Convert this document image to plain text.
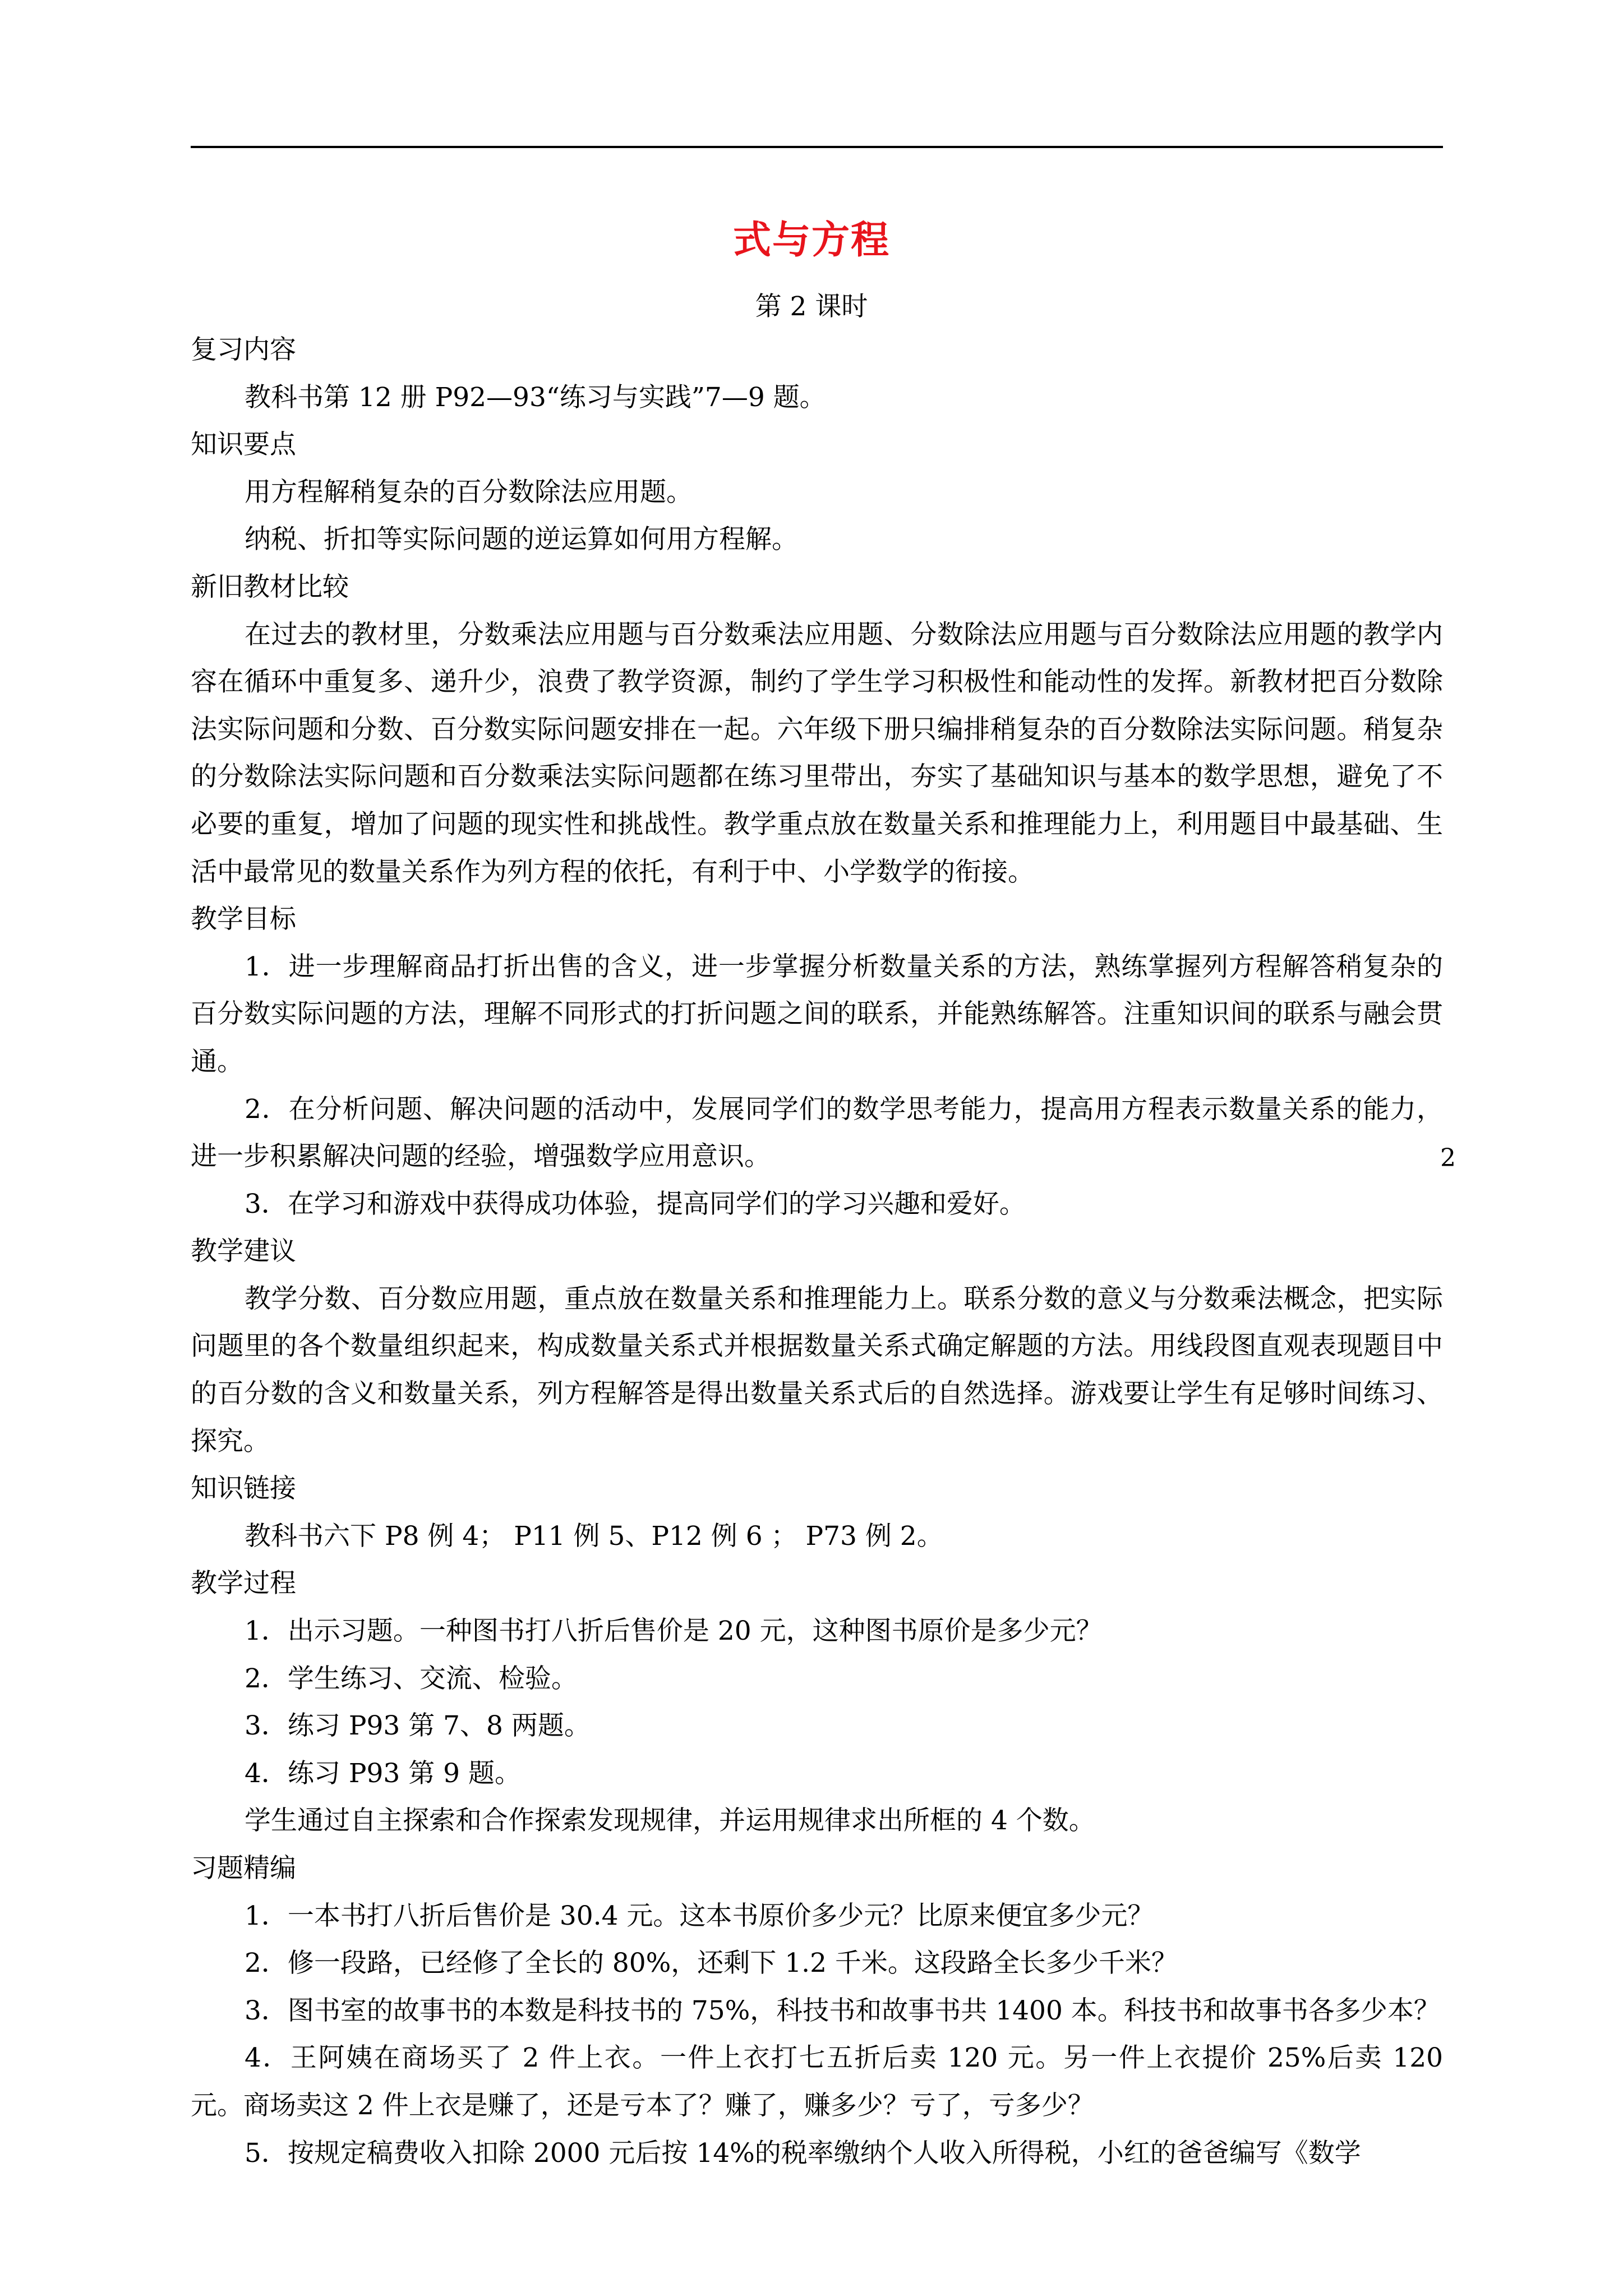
式与方程
第 2 课时
2

复习内容

教科书第 12 册 P92—93“练习与实践”7—9 题。

知识要点

用方程解稍复杂的百分数除法应用题。

纳税、折扣等实际问题的逆运算如何用方程解。

新旧教材比较

在过去的教材里，分数乘法应用题与百分数乘法应用题、分数除法应用题与百分数除法应用题的教学内容在循环中重复多、递升少，浪费了教学资源，制约了学生学习积极性和能动性的发挥。新教材把百分数除法实际问题和分数、百分数实际问题安排在一起。六年级下册只编排稍复杂的百分数除法实际问题。稍复杂的分数除法实际问题和百分数乘法实际问题都在练习里带出，夯实了基础知识与基本的数学思想，避免了不必要的重复，增加了问题的现实性和挑战性。教学重点放在数量关系和推理能力上，利用题目中最基础、生活中最常见的数量关系作为列方程的依托，有利于中、小学数学的衔接。

教学目标

1．进一步理解商品打折出售的含义，进一步掌握分析数量关系的方法，熟练掌握列方程解答稍复杂的百分数实际问题的方法，理解不同形式的打折问题之间的联系，并能熟练解答。注重知识间的联系与融会贯通。

2．在分析问题、解决问题的活动中，发展同学们的数学思考能力，提高用方程表示数量关系的能力，进一步积累解决问题的经验，增强数学应用意识。

3．在学习和游戏中获得成功体验，提高同学们的学习兴趣和爱好。

教学建议

教学分数、百分数应用题，重点放在数量关系和推理能力上。联系分数的意义与分数乘法概念，把实际问题里的各个数量组织起来，构成数量关系式并根据数量关系式确定解题的方法。用线段图直观表现题目中的百分数的含义和数量关系，列方程解答是得出数量关系式后的自然选择。游戏要让学生有足够时间练习、探究。

知识链接

教科书六下 P8 例 4； P11 例 5、P12 例 6 ； P73 例 2。

教学过程

1．出示习题。一种图书打八折后售价是 20 元，这种图书原价是多少元？

2．学生练习、交流、检验。

3．练习 P93 第 7、8 两题。

4．练习 P93 第 9 题。

学生通过自主探索和合作探索发现规律，并运用规律求出所框的 4 个数。

习题精编

1．一本书打八折后售价是 30.4 元。这本书原价多少元？比原来便宜多少元？

2．修一段路，已经修了全长的 80%，还剩下 1.2 千米。这段路全长多少千米？

3．图书室的故事书的本数是科技书的 75%，科技书和故事书共 1400 本。科技书和故事书各多少本？

4．王阿姨在商场买了 2 件上衣。一件上衣打七五折后卖 120 元。另一件上衣提价 25%后卖 120 元。商场卖这 2 件上衣是赚了，还是亏本了？赚了，赚多少？亏了，亏多少？

5．按规定稿费收入扣除 2000 元后按 14%的税率缴纳个人收入所得税，小红的爸爸编写《数学
